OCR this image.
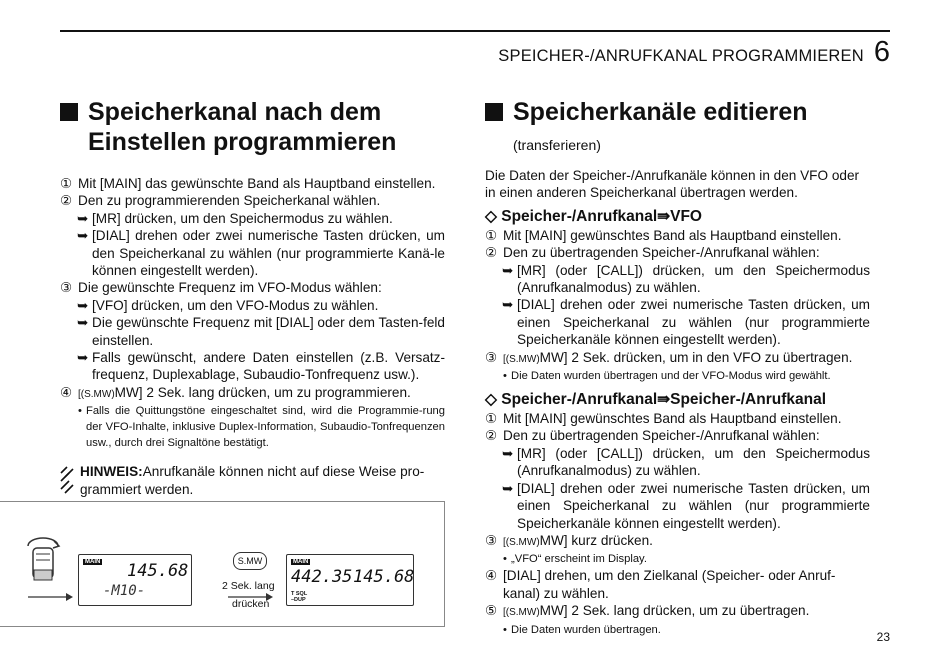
SPEICHER-/ANRUFKANAL PROGRAMMIEREN 6
Speicherkanal nach dem
Einstellen programmieren

① Mit [MAIN] das gewünschte Band als Hauptband einstellen.

② Den zu programmierenden Speicherkanal wählen.

➥ [MR] drücken, um den Speichermodus zu wählen.

➥ [DIAL] drehen oder zwei numerische Tasten drücken, um den Speicherkanal zu wählen (nur programmierte Kanä-le können eingestellt werden).

③ Die gewünschte Frequenz im VFO-Modus wählen:

➥ [VFO] drücken, um den VFO-Modus zu wählen.

➥ Die gewünschte Frequenz mit [DIAL] oder dem Tasten-feld einstellen.

➥ Falls gewünscht, andere Daten einstellen (z.B. Versatz-frequenz, Duplexablage, Subaudio-Tonfrequenz usw.).

④ [(S.MW)MW] 2 Sek. lang drücken, um zu programmieren.

• Falls die Quittungstöne eingeschaltet sind, wird die Programmie-rung der VFO-Inhalte, inklusive Duplex-Information, Subaudio-Tonfrequenzen usw., durch drei Signaltöne bestätigt.

HINWEIS:Anrufkanäle können nicht auf diese Weise pro-grammiert werden.

MAIN 145.68
-M10-
S.MW
2 Sek. lang
drücken
MAIN
442.35 145.68
T SQL
–DUP
Speicherkanäle editieren (transferieren)

Die Daten der Speicher-/Anrufkanäle können in den VFO oder in einen anderen Speicherkanal übertragen werden.

◇ Speicher-/Anrufkanal⇛VFO

① Mit [MAIN] gewünschtes Band als Hauptband einstellen.

② Den zu übertragenden Speicher-/Anrufkanal wählen:

➥ [MR] (oder [CALL]) drücken, um den Speichermodus (Anrufkanalmodus) zu wählen.

➥ [DIAL] drehen oder zwei numerische Tasten drücken, um einen Speicherkanal zu wählen (nur programmierte Speicherkanäle können eingestellt werden).

③ [(S.MW)MW] 2 Sek. drücken, um in den VFO zu übertragen.

• Die Daten wurden übertragen und der VFO-Modus wird gewählt.

◇ Speicher-/Anrufkanal⇛Speicher-/Anrufkanal

① Mit [MAIN] gewünschtes Band als Hauptband einstellen.

② Den zu übertragenden Speicher-/Anrufkanal wählen:

➥ [MR] (oder [CALL]) drücken, um den Speichermodus (Anrufkanalmodus) zu wählen.

➥ [DIAL] drehen oder zwei numerische Tasten drücken, um einen Speicherkanal zu wählen (nur programmierte Speicherkanäle können eingestellt werden).

③ [(S.MW)MW] kurz drücken.

• „VFO“ erscheint im Display.

④ [DIAL] drehen, um den Zielkanal (Speicher- oder Anruf-kanal) zu wählen.

⑤ [(S.MW)MW] 2 Sek. lang drücken, um zu übertragen.

• Die Daten wurden übertragen.

23
